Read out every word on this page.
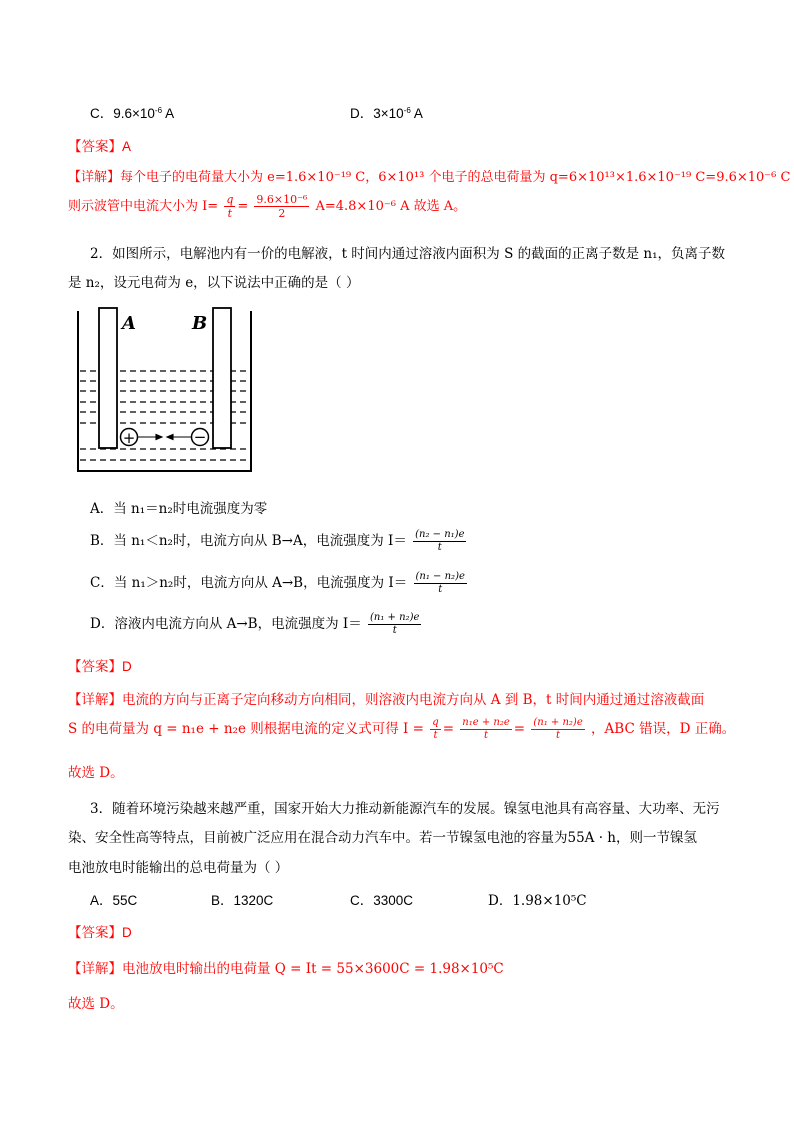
C．$9.6\times 10^{-6}$ A	D．$3\times 10^{-6}$ A
【答案】A
【详解】每个电子的电荷量大小为 e=1.6×10⁻¹⁹ C，6×10¹³ 个电子的总电荷量为 q=6×10¹³×1.6×10⁻¹⁹ C=9.6×10⁻⁶ C
则示波管中电流大小为 $I= \frac{q}{t} = \frac{\text{9.6×10⁻⁶}}{2} A=4.8\times 10^{-6}$ A 故选 A。
2．如图所示，电解池内有一价的电解液，t 时间内通过溶液内面积为 S 的截面的正离子数是 n₁，负离子数
是 n₂，设元电荷为 e，以下说法中正确的是（ ）
A	B
+	−
A．当 n₁＝n₂时电流强度为零
B．当 n₁＜n₂时，电流方向从 B→A，电流强度为 $I= \frac{\text{(n₂ − n₁)e}}{t}$
C．当 n₁＞n₂时，电流方向从 A→B，电流强度为 $I= \frac{\text{(n₁ − n₂)e}}{t}$
D．溶液内电流方向从 A→B，电流强度为 $I= \frac{\text{(n₁ + n₂)e}}{t}$
【答案】D
【详解】电流的方向与正离子定向移动方向相同，则溶液内电流方向从 A 到 B，t 时间内通过通过溶液截面
S 的电荷量为 q = n₁e + n₂e 则根据电流的定义式可得 $I = \frac{q}{t} = \frac{\text{n₁e + n₂e}}{t} = \frac{\text{(n₁ + n₂)e}}{t}$ ，ABC 错误，D 正确。
故选 D。
3．随着环境污染越来越严重，国家开始大力推动新能源汽车的发展。镍氢电池具有高容量、大功率、无污
染、安全性高等特点，目前被广泛应用在混合动力汽车中。若一节镍氢电池的容量为55A · h，则一节镍氢
电池放电时能输出的总电荷量为（ ）
A．55C	B．1320C	C．3300C	D．1.98×10⁵C
【答案】D
【详解】电池放电时输出的电荷量 Q = It = 55×3600C = 1.98×10⁵C
故选 D。
